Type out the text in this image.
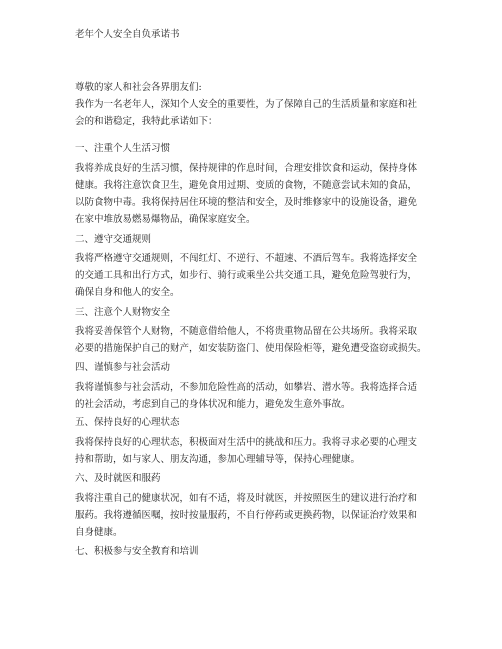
老年个人安全自负承诺书
尊敬的家人和社会各界朋友们:
我作为一名老年人，深知个人安全的重要性，为了保障自己的生活质量和家庭和社
会的和谐稳定，我特此承诺如下：
一、注重个人生活习惯
我将养成良好的生活习惯，保持规律的作息时间，合理安排饮食和运动，保持身体
健康。我将注意饮食卫生，避免食用过期、变质的食物，不随意尝试未知的食品，
以防食物中毒。我将保持居住环境的整洁和安全，及时维修家中的设施设备，避免
在家中堆放易燃易爆物品，确保家庭安全。
二、遵守交通规则
我将严格遵守交通规则，不闯红灯、不逆行、不超速、不酒后驾车。我将选择安全
的交通工具和出行方式，如步行、骑行或乘坐公共交通工具，避免危险驾驶行为，
确保自身和他人的安全。
三、注意个人财物安全
我将妥善保管个人财物，不随意借给他人，不将贵重物品留在公共场所。我将采取
必要的措施保护自己的财产，如安装防盗门、使用保险柜等，避免遭受盗窃或损失。
四、谨慎参与社会活动
我将谨慎参与社会活动，不参加危险性高的活动，如攀岩、潜水等。我将选择合适
的社会活动，考虑到自己的身体状况和能力，避免发生意外事故。
五、保持良好的心理状态
我将保持良好的心理状态，积极面对生活中的挑战和压力。我将寻求必要的心理支
持和帮助，如与家人、朋友沟通，参加心理辅导等，保持心理健康。
六、及时就医和服药
我将注重自己的健康状况，如有不适，将及时就医，并按照医生的建议进行治疗和
服药。我将遵循医嘱，按时按量服药，不自行停药或更换药物，以保证治疗效果和
自身健康。
七、积极参与安全教育和培训
